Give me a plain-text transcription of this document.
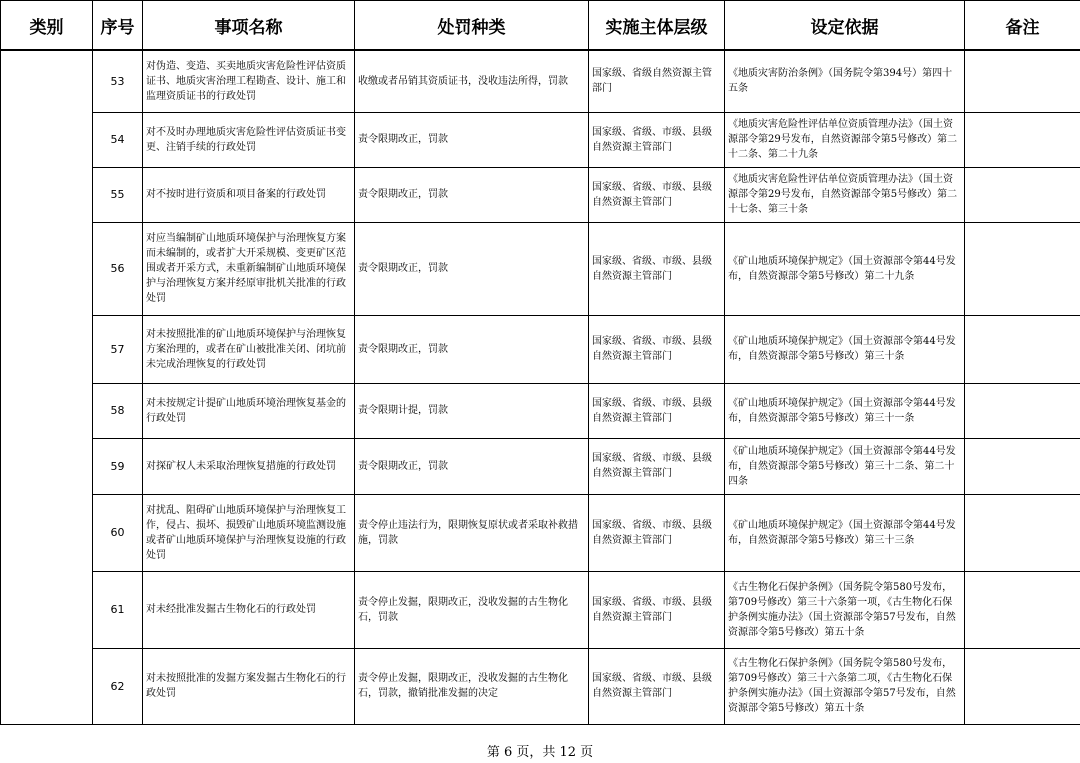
类别	序号	事项名称	处罚种类	实施主体层级	设定依据	备注
	53	对伪造、变造、买卖地质灾害危险性评估资质证书、地质灾害治理工程勘查、设计、施工和监理资质证书的行政处罚	收缴或者吊销其资质证书，没收违法所得，罚款	国家级、省级自然资源主管部门	《地质灾害防治条例》（国务院令第394号）第四十五条	
	54	对不及时办理地质灾害危险性评估资质证书变更、注销手续的行政处罚	责令限期改正，罚款	国家级、省级、市级、县级自然资源主管部门	《地质灾害危险性评估单位资质管理办法》（国土资源部令第29号发布，自然资源部令第5号修改）第二十二条、第二十九条	
	55	对不按时进行资质和项目备案的行政处罚	责令限期改正，罚款	国家级、省级、市级、县级自然资源主管部门	《地质灾害危险性评估单位资质管理办法》（国土资源部令第29号发布，自然资源部令第5号修改）第二十七条、第三十条	
	56	对应当编制矿山地质环境保护与治理恢复方案而未编制的，或者扩大开采规模、变更矿区范围或者开采方式，未重新编制矿山地质环境保护与治理恢复方案并经原审批机关批准的行政处罚	责令限期改正，罚款	国家级、省级、市级、县级自然资源主管部门	《矿山地质环境保护规定》（国土资源部令第44号发布，自然资源部令第5号修改）第二十九条	
	57	对未按照批准的矿山地质环境保护与治理恢复方案治理的，或者在矿山被批准关闭、闭坑前未完成治理恢复的行政处罚	责令限期改正，罚款	国家级、省级、市级、县级自然资源主管部门	《矿山地质环境保护规定》（国土资源部令第44号发布，自然资源部令第5号修改）第三十条	
	58	对未按规定计提矿山地质环境治理恢复基金的行政处罚	责令限期计提，罚款	国家级、省级、市级、县级自然资源主管部门	《矿山地质环境保护规定》（国土资源部令第44号发布，自然资源部令第5号修改）第三十一条	
	59	对探矿权人未采取治理恢复措施的行政处罚	责令限期改正，罚款	国家级、省级、市级、县级自然资源主管部门	《矿山地质环境保护规定》（国土资源部令第44号发布，自然资源部令第5号修改）第三十二条、第二十四条	
	60	对扰乱、阻碍矿山地质环境保护与治理恢复工作，侵占、损坏、损毁矿山地质环境监测设施或者矿山地质环境保护与治理恢复设施的行政处罚	责令停止违法行为，限期恢复原状或者采取补救措施，罚款	国家级、省级、市级、县级自然资源主管部门	《矿山地质环境保护规定》（国土资源部令第44号发布，自然资源部令第5号修改）第三十三条	
	61	对未经批准发掘古生物化石的行政处罚	责令停止发掘，限期改正，没收发掘的古生物化石，罚款	国家级、省级、市级、县级自然资源主管部门	《古生物化石保护条例》（国务院令第580号发布，第709号修改）第三十六条第一项，《古生物化石保护条例实施办法》（国土资源部令第57号发布，自然资源部令第5号修改）第五十条	
	62	对未按照批准的发掘方案发掘古生物化石的行政处罚	责令停止发掘，限期改正，没收发掘的古生物化石，罚款，撤销批准发掘的决定	国家级、省级、市级、县级自然资源主管部门	《古生物化石保护条例》（国务院令第580号发布，第709号修改）第三十六条第二项，《古生物化石保护条例实施办法》（国土资源部令第57号发布，自然资源部令第5号修改）第五十条	
第 6 页，共 12 页
